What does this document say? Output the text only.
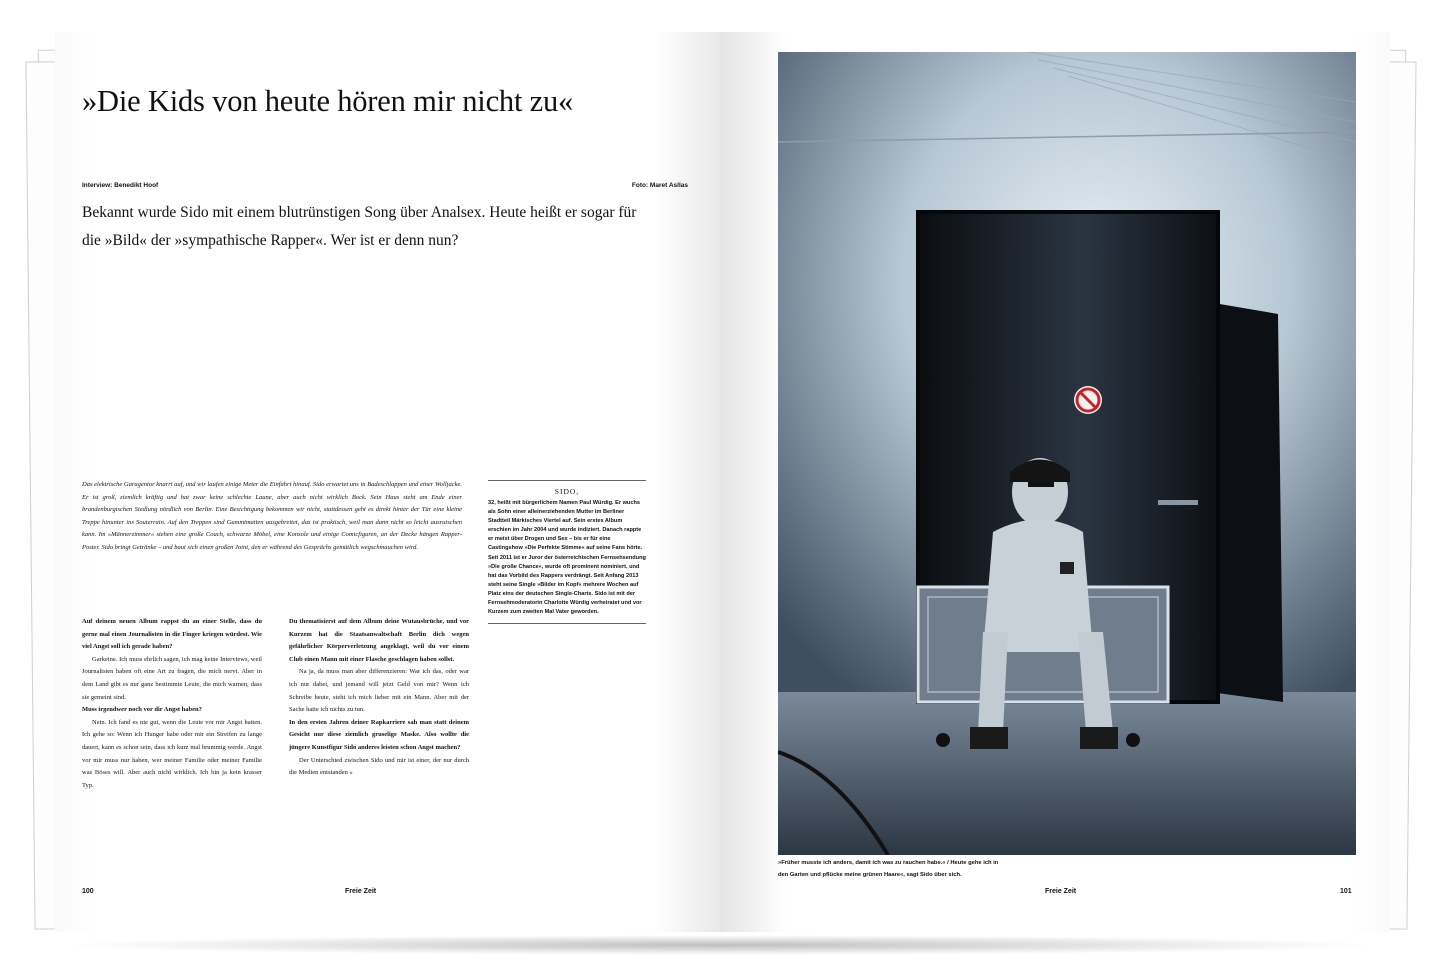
»Die Kids von heute hören mir nicht zu«
Interview: Benedikt Hoof	Foto: Maret Asllas
Bekannt wurde Sido mit einem blutrünstigen Song über Analsex. Heute heißt er sogar für die »Bild« der »sympathische Rapper«. Wer ist er denn nun?
Das elektrische Garagentor knarrt auf, und wir laufen einige Meter die Einfahrt hinauf. Sido erwartet uns in Badeschlappen und einer Wolljacke. Er ist groß, ziemlich kräftig und hat zwar keine schlechte Laune, aber auch nicht wirklich Bock. Sein Haus steht am Ende einer brandenburgischen Siedlung nördlich von Berlin. Eine Besichtigung bekommen wir nicht, stattdessen geht es direkt hinter der Tür eine kleine Treppe hinunter ins Souterrain. Auf den Treppen sind Gummimatten ausgebreitet, das ist praktisch, weil man dann nicht so leicht ausrutschen kann. Im »Männerzimmer« stehen eine große Couch, schwarze Möbel, eine Konsole und einige Comicfiguren, an der Decke hängen Rapper-Poster. Sido bringt Getränke – und baut sich einen großen Joint, den er während des Gesprächs gemütlich wegschmauchen wird.

Auf deinem neuen Album rappst du an einer Stelle, dass du gerne mal einen Journalisten in die Finger kriegen würdest. Wie viel Angst soll ich gerade haben?

Garkeine. Ich muss ehrlich sagen, ich mag keine Interviews, weil Journalisten haben oft eine Art zu fragen, die mich nervt. Aber in dem Land gibt es nur ganz bestimmte Leute, die mich warnen, dass sie gemeint sind.

Muss irgendwer noch vor dir Angst haben?

Nein. Ich fand es nie gut, wenn die Leute vor mir Angst hatten. Ich gehe so: Wenn ich Hunger habe oder mir ein Streifen zu lange dauert, kann es schon sein, dass ich kurz mal brummig werde. Angst vor mir muss nur haben, wer meiner Familie oder meiner Familie was Böses will. Aber auch nicht wirklich. Ich bin ja kein krasser Typ.

Du thematisierst auf dem Album deine Wutausbrüche, und vor Kurzem hat die Staatsanwaltschaft Berlin dich wegen gefährlicher Körperverletzung angeklagt, weil du vor einem Club einen Mann mit einer Flasche geschlagen haben sollst.

Na ja, da muss man aber differenzieren: War ich das, oder war ich nur dabei, und jemand will jetzt Geld von mir? Wenn ich Schreibe heute, steht ich mich lieber mit ein Mann. Aber mit der Sache hatte ich nichts zu tun.

In den ersten Jahren deiner Rapkarriere sah man statt deinem Gesicht nur diese ziemlich gruselige Maske. Also wollte die jüngere Kunstfigur Sido anderes leisten schon Angst machen?

Der Unterschied zwischen Sido und mir ist einer, der nur durch die Medien entstanden »

SIDO,
32, heißt mit bürgerlichem Namen Paul Würdig. Er wuchs als Sohn einer alleinerziehenden Mutter im Berliner Stadtteil Märkisches Viertel auf. Sein erstes Album erschien im Jahr 2004 und wurde indiziert. Danach rappte er meist über Drogen und Sex – bis er für eine Castingshow »Die Perfekte Stimme« auf seine Fans hörte. Seit 2011 ist er Juror der österreichischen Fernsehsendung »Die große Chance«, wurde oft prominent nominiert, und hat das Vorbild des Rappers verdrängt. Seit Anfang 2013 steht seine Single »Bilder im Kopf« mehrere Wochen auf Platz eins der deutschen Single-Charts. Sido ist mit der Fernsehmoderatorin Charlotte Würdig verheiratet und vor Kurzem zum zweiten Mal Vater geworden.
100	Freie Zeit
»Früher musste ich anders, damit ich was zu rauchen habe.« / Heute gehe ich in den Garten und pflücke meine grünen Haare«, sagt Sido über sich.
Freie Zeit	101
